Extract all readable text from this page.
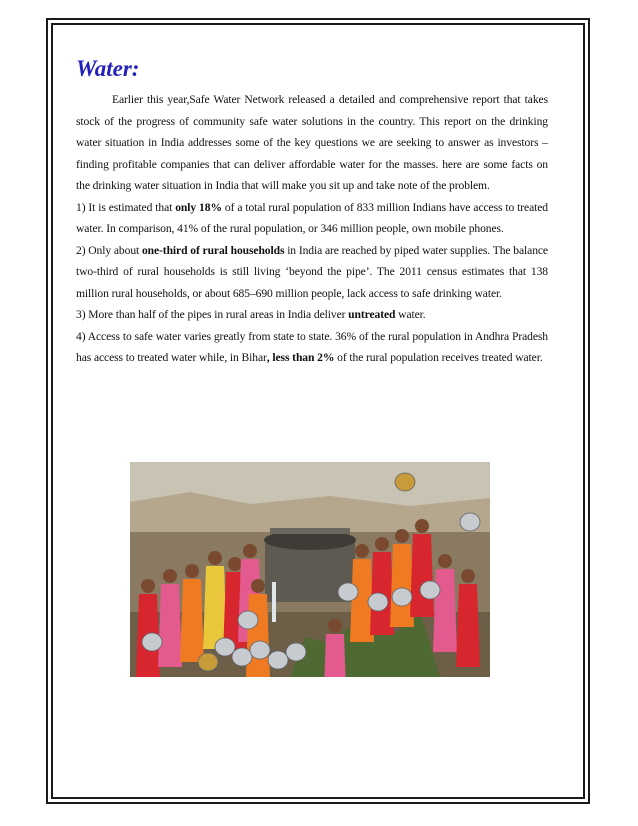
Water:

Earlier this year,Safe Water Network released a detailed and comprehensive report that takes stock of the progress of community safe water solutions in the country. This report on the drinking water situation in India addresses some of the key questions we are seeking to answer as investors – finding profitable companies that can deliver affordable water for the masses. here are some facts on the drinking water situation in India that will make you sit up and take note of the problem.

1) It is estimated that only 18% of a total rural population of 833 million Indians have access to treated water. In comparison, 41% of the rural population, or 346 million people, own mobile phones.

2) Only about one-third of rural households in India are reached by piped water supplies. The balance two-third of rural households is still living ‘beyond the pipe’. The 2011 census estimates that 138 million rural households, or about 685–690 million people, lack access to safe drinking water.

3) More than half of the pipes in rural areas in India deliver untreated water.

4) Access to safe water varies greatly from state to state. 36% of the rural population in Andhra Pradesh has access to treated water while, in Bihar, less than 2% of the rural population receives treated water.
